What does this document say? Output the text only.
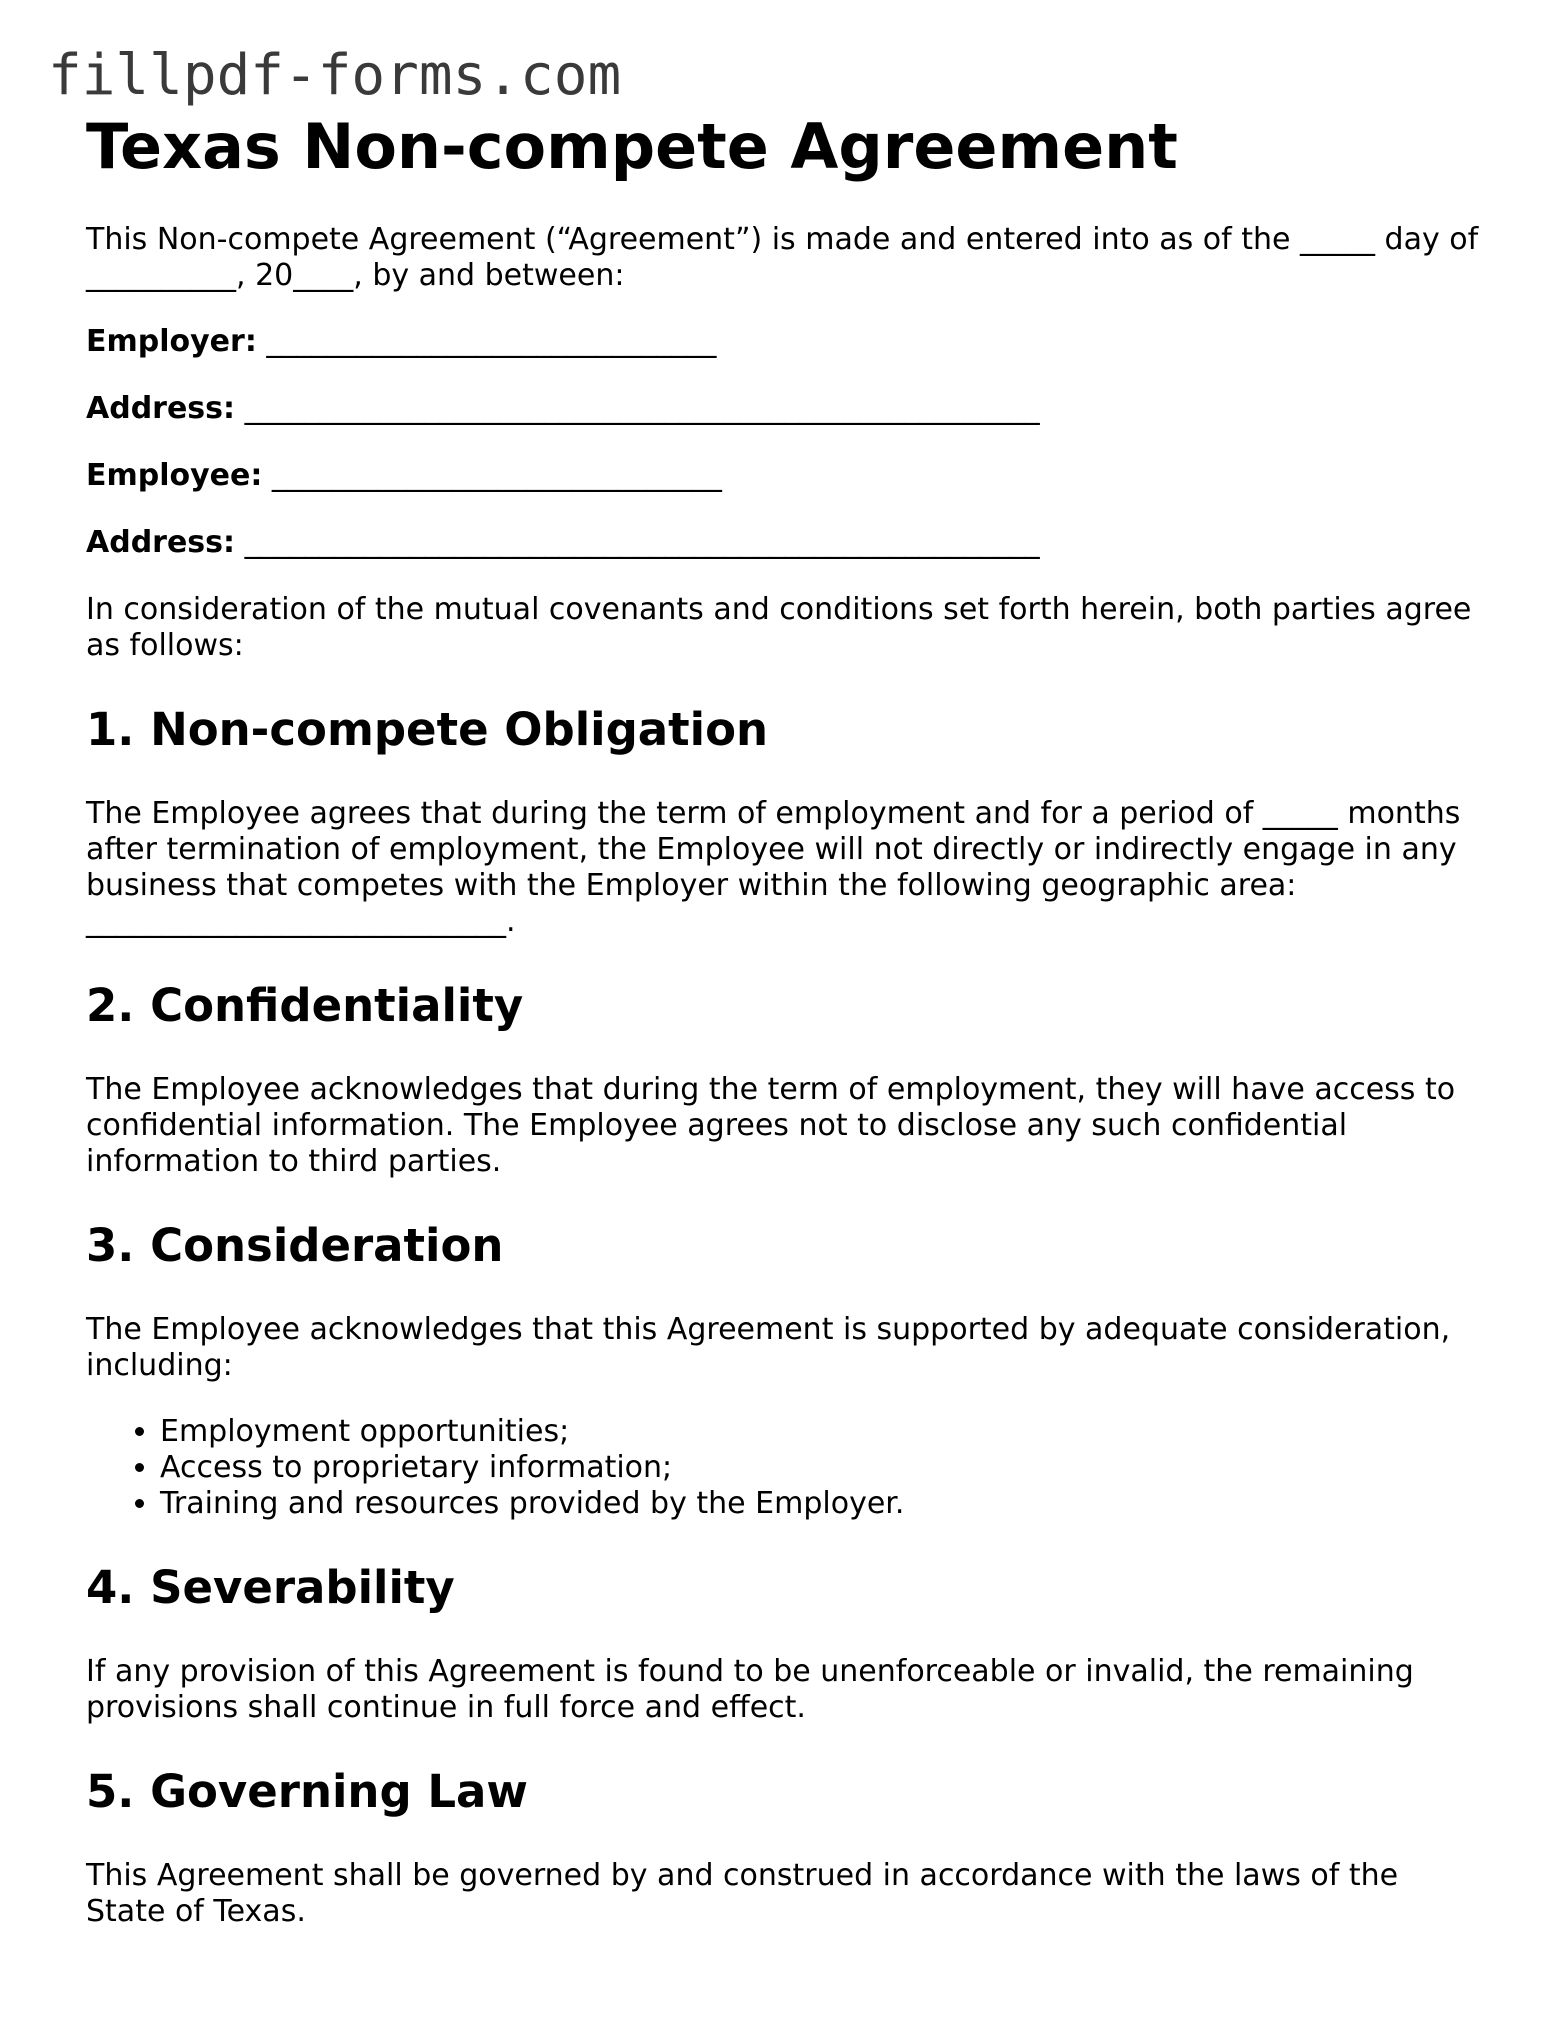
fillpdf-forms.com
Texas Non-compete Agreement

This Non-compete Agreement (“Agreement”) is made and entered into as of the _____ day of __________, 20____, by and between:

Employer: ______________________________
Address: _____________________________________________________
Employee: ______________________________
Address: _____________________________________________________

In consideration of the mutual covenants and conditions set forth herein, both parties agree as follows:

1. Non-compete Obligation

The Employee agrees that during the term of employment and for a period of _____ months after termination of employment, the Employee will not directly or indirectly engage in any business that competes with the Employer within the following geographic area: ____________________________.

2. Confidentiality

The Employee acknowledges that during the term of employment, they will have access to confidential information. The Employee agrees not to disclose any such confidential information to third parties.

3. Consideration

The Employee acknowledges that this Agreement is supported by adequate consideration, including:

• Employment opportunities;
• Access to proprietary information;
• Training and resources provided by the Employer.
4. Severability

If any provision of this Agreement is found to be unenforceable or invalid, the remaining provisions shall continue in full force and effect.

5. Governing Law

This Agreement shall be governed by and construed in accordance with the laws of the State of Texas.
